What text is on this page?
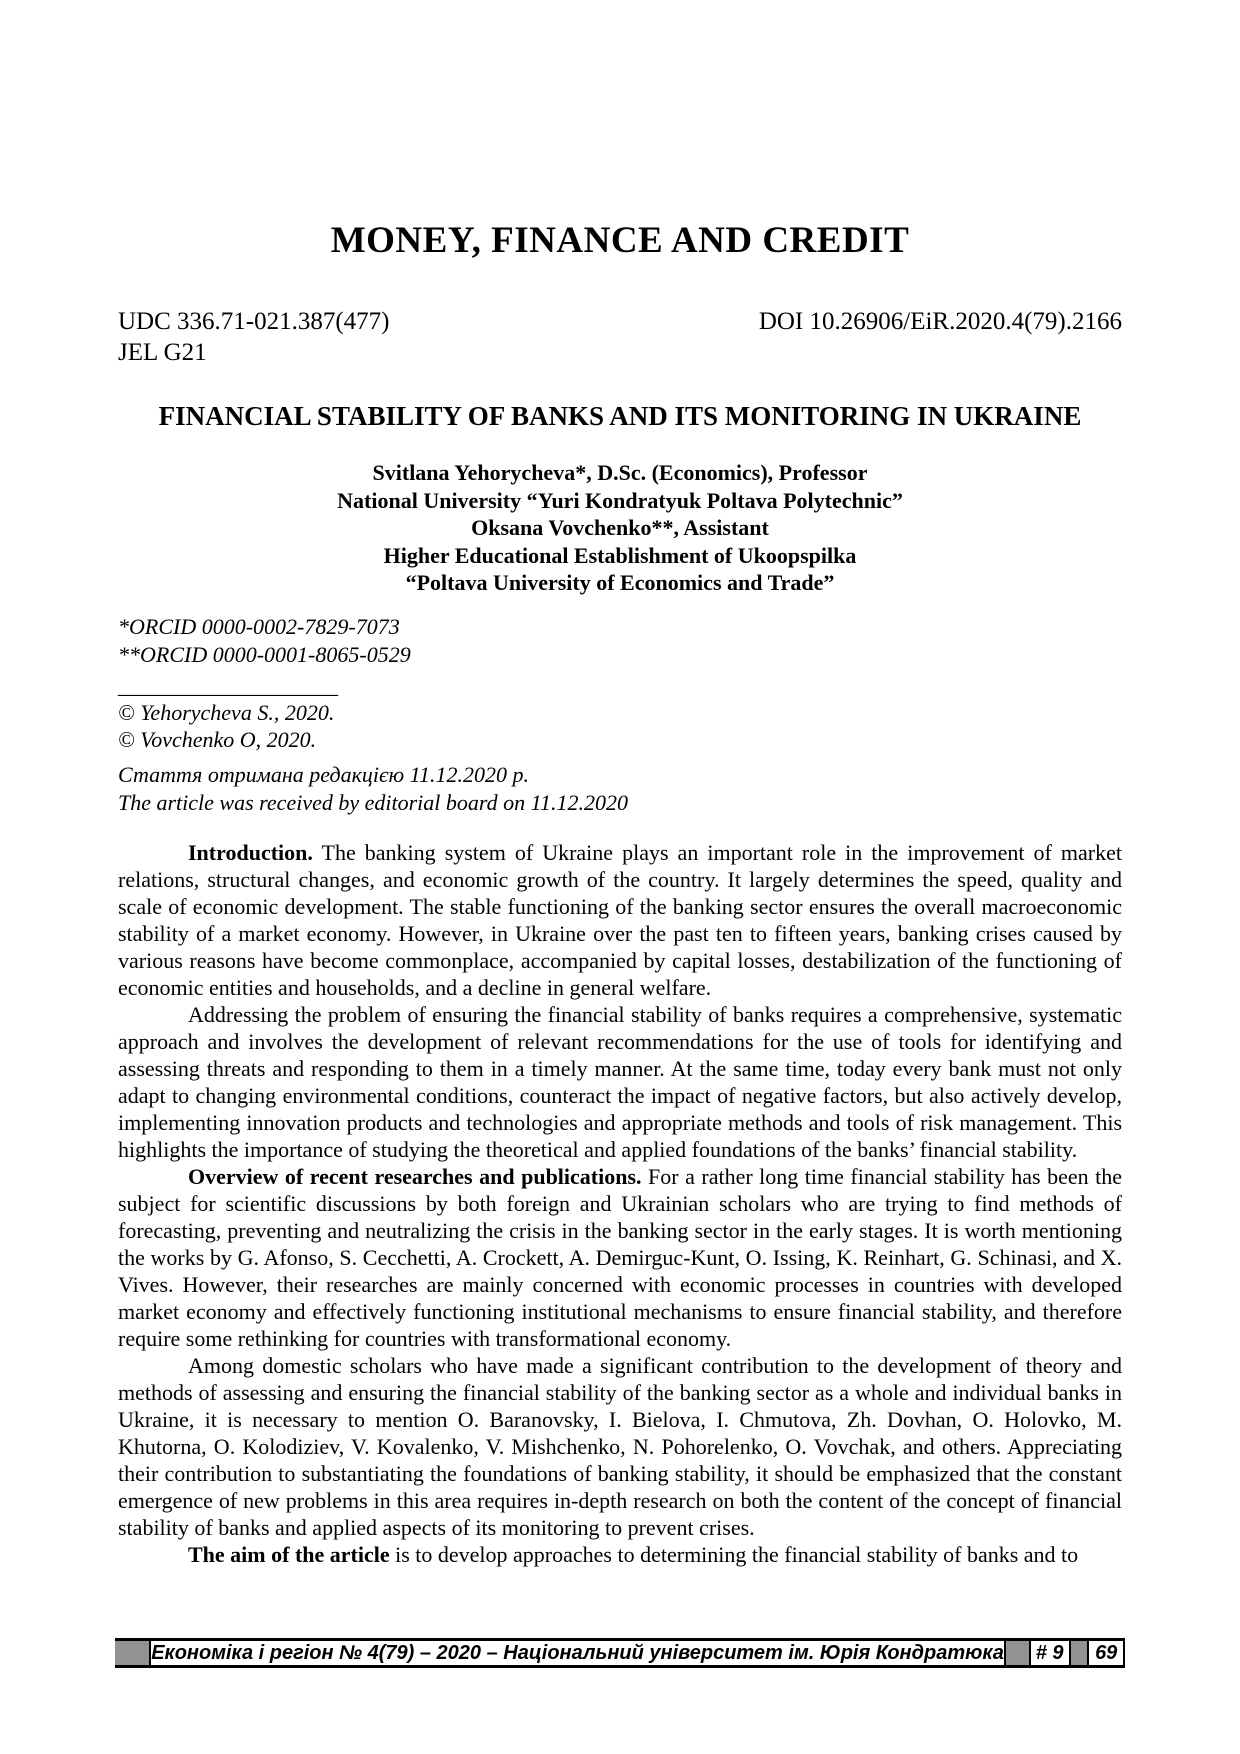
MONEY, FINANCE AND CREDIT
UDC 336.71-021.387(477)	DOI 10.26906/EiR.2020.4(79).2166
JEL G21
FINANCIAL STABILITY OF BANKS AND ITS MONITORING IN UKRAINE

Svitlana Yehorycheva*, D.Sc. (Economics), Professor

National University “Yuri Kondratyuk Poltava Polytechnic”

Oksana Vovchenko**, Assistant

Higher Educational Establishment of Ukoopspilka

“Poltava University of Economics and Trade”

*ORCID 0000-0002-7829-7073

**ORCID 0000-0001-8065-0529

____________________

© Yehorycheva S., 2020.

© Vovchenko O, 2020.

Стаття отримана редакцією 11.12.2020 р.

The article was received by editorial board on 11.12.2020

Introduction. The banking system of Ukraine plays an important role in the improvement of market relations, structural changes, and economic growth of the country. It largely determines the speed, quality and scale of economic development. The stable functioning of the banking sector ensures the overall macroeconomic stability of a market economy. However, in Ukraine over the past ten to fifteen years, banking crises caused by various reasons have become commonplace, accompanied by capital losses, destabilization of the functioning of economic entities and households, and a decline in general welfare.

Addressing the problem of ensuring the financial stability of banks requires a comprehensive, systematic approach and involves the development of relevant recommendations for the use of tools for identifying and assessing threats and responding to them in a timely manner. At the same time, today every bank must not only adapt to changing environmental conditions, counteract the impact of negative factors, but also actively develop, implementing innovation products and technologies and appropriate methods and tools of risk management. This highlights the importance of studying the theoretical and applied foundations of the banks’ financial stability.

Overview of recent researches and publications. For a rather long time financial stability has been the subject for scientific discussions by both foreign and Ukrainian scholars who are trying to find methods of forecasting, preventing and neutralizing the crisis in the banking sector in the early stages. It is worth mentioning the works by G. Afonso, S. Cecchetti, A. Crockett, A. Demirguc-Kunt, O. Issing, K. Reinhart, G. Schinasi, and X. Vives. However, their researches are mainly concerned with economic processes in countries with developed market economy and effectively functioning institutional mechanisms to ensure financial stability, and therefore require some rethinking for countries with transformational economy.

Among domestic scholars who have made a significant contribution to the development of theory and methods of assessing and ensuring the financial stability of the banking sector as a whole and individual banks in Ukraine, it is necessary to mention O. Baranovsky, I. Bielova, I. Chmutova, Zh. Dovhan, O. Holovko, M. Khutorna, O. Kolodiziev, V. Kovalenko, V. Mishchenko, N. Pohorelenko, O. Vovchak, and others. Appreciating their contribution to substantiating the foundations of banking stability, it should be emphasized that the constant emergence of new problems in this area requires in-depth research on both the content of the concept of financial stability of banks and applied aspects of its monitoring to prevent crises.

The aim of the article is to develop approaches to determining the financial stability of banks and to

Економіка і регіон № 4(79) – 2020 – Національний університет ім. Юрія Кондратюка # 9 69
